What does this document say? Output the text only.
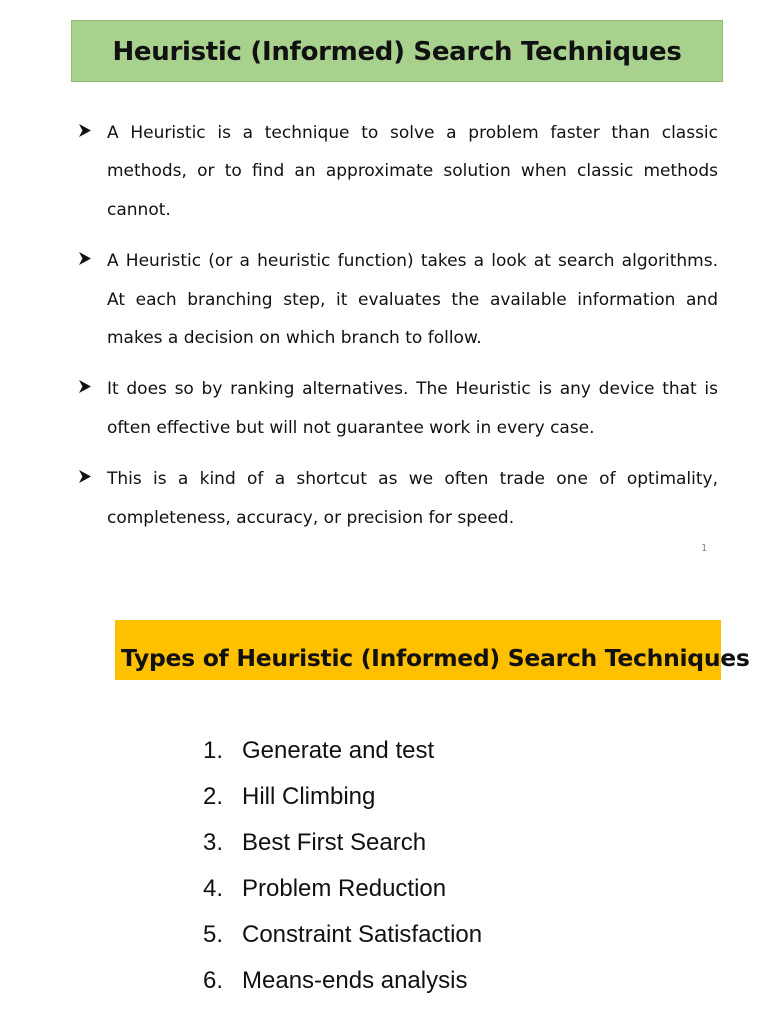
Heuristic (Informed) Search Techniques
A Heuristic is a technique to solve a problem faster than classic methods, or to find an approximate solution when classic methods cannot.
A Heuristic (or a heuristic function) takes a look at search algorithms. At each branching step, it evaluates the available information and makes a decision on which branch to follow.
It does so by ranking alternatives. The Heuristic is any device that is often effective but will not guarantee work in every case.
This is a kind of a shortcut as we often trade one of optimality, completeness, accuracy, or precision for speed.
1
Types of Heuristic (Informed) Search Techniques
1. Generate and test
2. Hill Climbing
3. Best First Search
4. Problem Reduction
5. Constraint Satisfaction
6. Means-ends analysis
